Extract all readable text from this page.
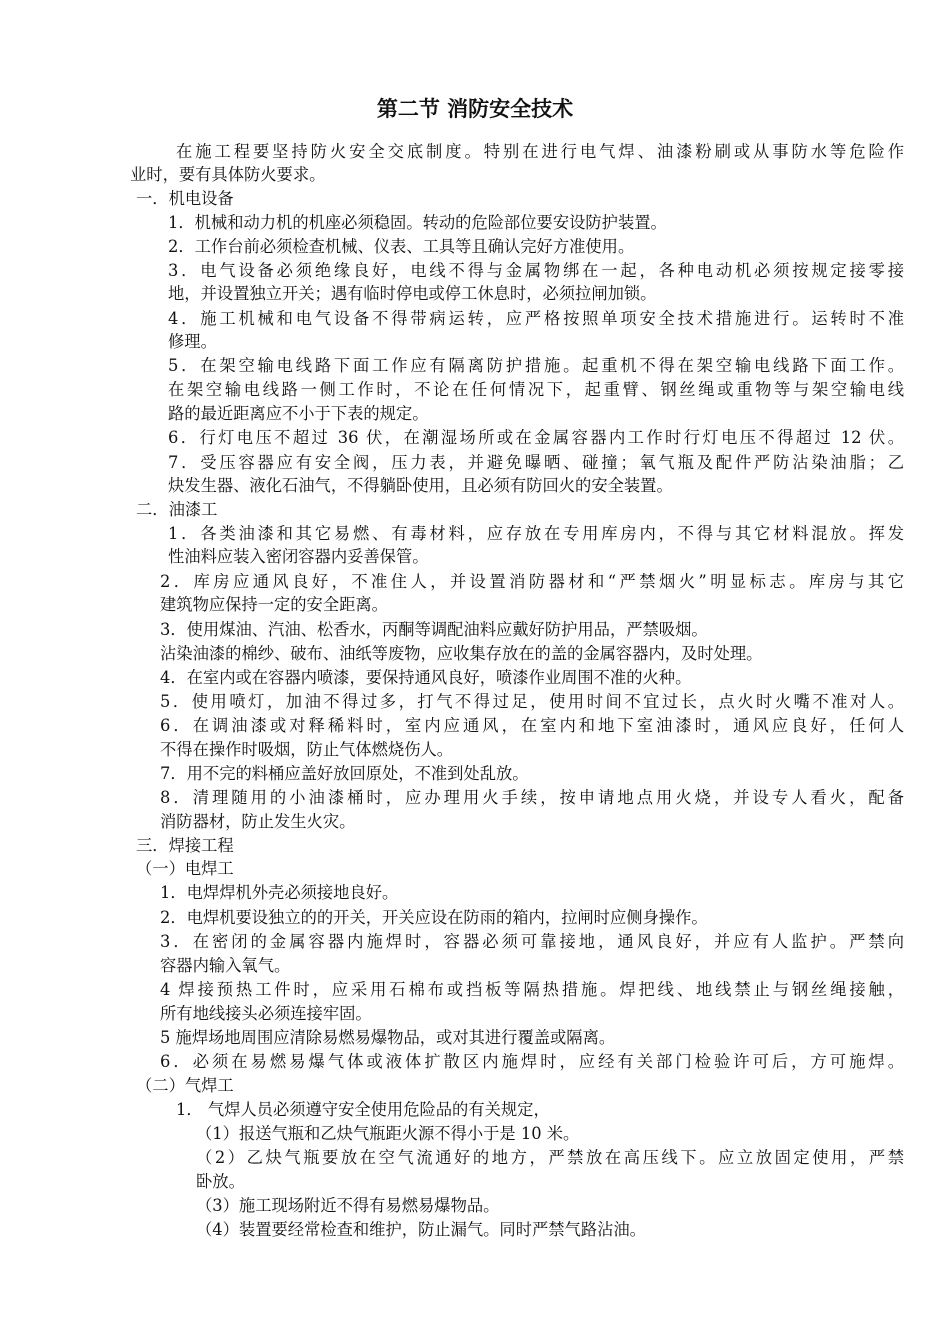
第二节 消防安全技术
在施工程要坚持防火安全交底制度。特别在进行电气焊、油漆粉刷或从事防水等危险作
业时，要有具体防火要求。
一．机电设备
1．机械和动力机的机座必须稳固。转动的危险部位要安设防护装置。
2．工作台前必须检查机械、仪表、工具等且确认完好方准使用。
3．电气设备必须绝缘良好，电线不得与金属物绑在一起，各种电动机必须按规定接零接
地，并设置独立开关；遇有临时停电或停工休息时，必须拉闸加锁。
4．施工机械和电气设备不得带病运转，应严格按照单项安全技术措施进行。运转时不准
修理。
5．在架空输电线路下面工作应有隔离防护措施。起重机不得在架空输电线路下面工作。
在架空输电线路一侧工作时，不论在任何情况下，起重臂、钢丝绳或重物等与架空输电线
路的最近距离应不小于下表的规定。
6．行灯电压不超过 36 伏，在潮湿场所或在金属容器内工作时行灯电压不得超过 12 伏。
7．受压容器应有安全阀，压力表，并避免曝晒、碰撞；氧气瓶及配件严防沾染油脂；乙
炔发生器、液化石油气，不得躺卧使用，且必须有防回火的安全装置。
二．油漆工
1．各类油漆和其它易燃、有毒材料，应存放在专用库房内，不得与其它材料混放。挥发
性油料应装入密闭容器内妥善保管。
2．库房应通风良好，不准住人，并设置消防器材和“严禁烟火”明显标志。库房与其它
建筑物应保持一定的安全距离。
3．使用煤油、汽油、松香水，丙酮等调配油料应戴好防护用品，严禁吸烟。
沾染油漆的棉纱、破布、油纸等废物，应收集存放在的盖的金属容器内，及时处理。
4．在室内或在容器内喷漆，要保持通风良好，喷漆作业周围不准的火种。
5．使用喷灯，加油不得过多，打气不得过足，使用时间不宜过长，点火时火嘴不准对人。
6．在调油漆或对释稀料时，室内应通风，在室内和地下室油漆时，通风应良好，任何人
不得在操作时吸烟，防止气体燃烧伤人。
7．用不完的料桶应盖好放回原处，不准到处乱放。
8．清理随用的小油漆桶时，应办理用火手续，按申请地点用火烧，并设专人看火，配备
消防器材，防止发生火灾。
三．焊接工程
（一）电焊工
1．电焊焊机外壳必须接地良好。
2．电焊机要设独立的的开关，开关应设在防雨的箱内，拉闸时应侧身操作。
3．在密闭的金属容器内施焊时，容器必须可靠接地，通风良好，并应有人监护。严禁向
容器内输入氧气。
4 焊接预热工件时，应采用石棉布或挡板等隔热措施。焊把线、地线禁止与钢丝绳接触，
所有地线接头必须连接牢固。
5 施焊场地周围应清除易燃易爆物品，或对其进行覆盖或隔离。
6．必须在易燃易爆气体或液体扩散区内施焊时，应经有关部门检验许可后，方可施焊。
（二）气焊工
1． 气焊人员必须遵守安全使用危险品的有关规定，
（1）报送气瓶和乙炔气瓶距火源不得小于是 10 米。
（2）乙炔气瓶要放在空气流通好的地方，严禁放在高压线下。应立放固定使用，严禁
卧放。
（3）施工现场附近不得有易燃易爆物品。
（4）装置要经常检查和维护，防止漏气。同时严禁气路沾油。
